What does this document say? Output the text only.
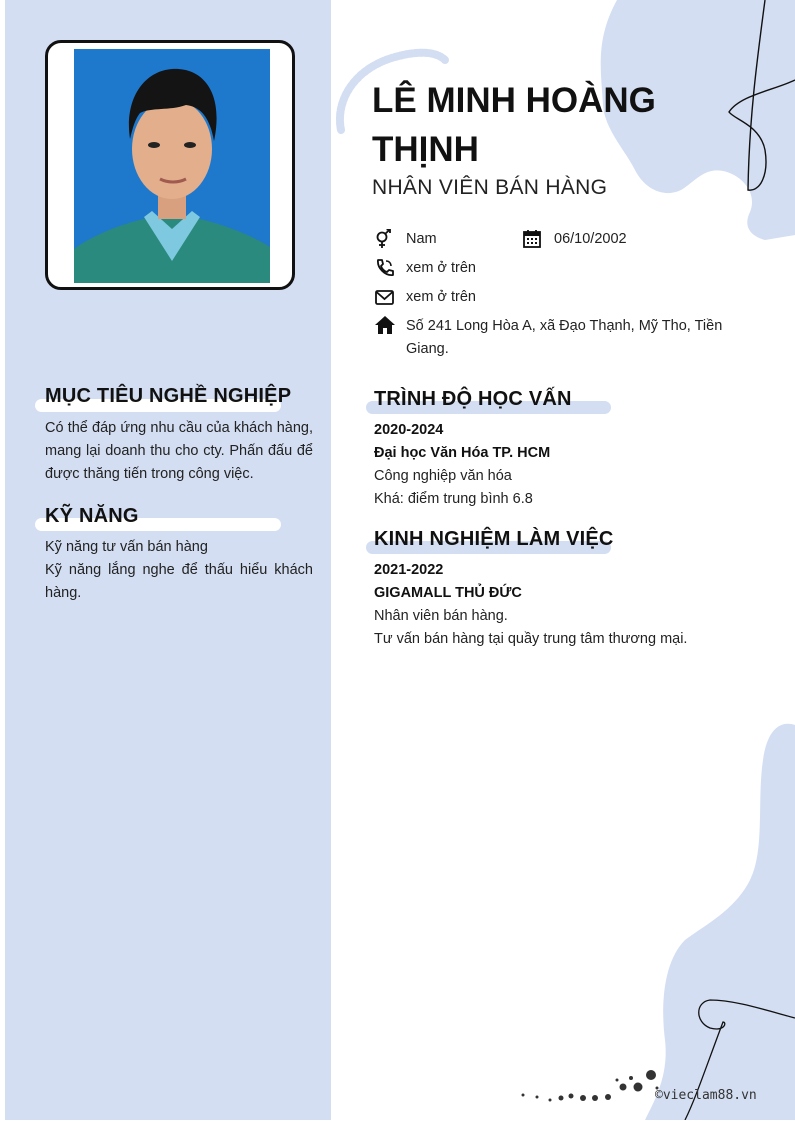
MỤC TIÊU NGHỀ NGHIỆP
Có thể đáp ứng nhu cầu của khách hàng, mang lại doanh thu cho cty. Phấn đấu để được thăng tiến trong công việc.
KỸ NĂNG
Kỹ năng tư vấn bán hàng
Kỹ năng lắng nghe để thấu hiểu khách hàng.
LÊ MINH HOÀNG THỊNH
NHÂN VIÊN BÁN HÀNG
Nam	06/10/2002
xem ở trên
xem ở trên
Số 241 Long Hòa A, xã Đạo Thạnh, Mỹ Tho, Tiền Giang.
TRÌNH ĐỘ HỌC VẤN
2020-2024
Đại học Văn Hóa TP. HCM
Công nghiệp văn hóa
Khá: điểm trung bình 6.8
KINH NGHIỆM LÀM VIỆC
2021-2022
GIGAMALL THỦ ĐỨC
Nhân viên bán hàng.
Tư vấn bán hàng tại quầy trung tâm thương mại.
©vieclam88.vn
